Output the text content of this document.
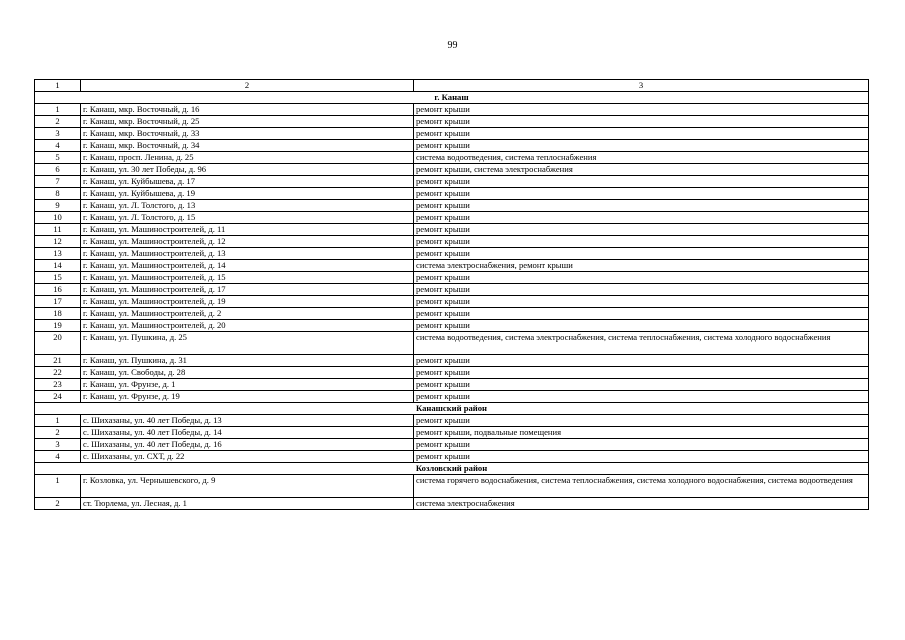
99
1	2	3
г. Канаш		
1	г. Канаш, мкр. Восточный, д. 16	ремонт крыши
2	г. Канаш, мкр. Восточный, д. 25	ремонт крыши
3	г. Канаш, мкр. Восточный, д. 33	ремонт крыши
4	г. Канаш, мкр. Восточный, д. 34	ремонт крыши
5	г. Канаш, просп. Ленина, д. 25	система водоотведения, система теплоснабжения
6	г. Канаш, ул. 30 лет Победы, д. 96	ремонт крыши, система электроснабжения
7	г. Канаш, ул. Куйбышева, д. 17	ремонт крыши
8	г. Канаш, ул. Куйбышева, д. 19	ремонт крыши
9	г. Канаш, ул. Л. Толстого, д. 13	ремонт крыши
10	г. Канаш, ул. Л. Толстого, д. 15	ремонт крыши
11	г. Канаш, ул. Машиностроителей, д. 11	ремонт крыши
12	г. Канаш, ул. Машиностроителей, д. 12	ремонт крыши
13	г. Канаш, ул. Машиностроителей, д. 13	ремонт крыши
14	г. Канаш, ул. Машиностроителей, д. 14	система электроснабжения, ремонт крыши
15	г. Канаш, ул. Машиностроителей, д. 15	ремонт крыши
16	г. Канаш, ул. Машиностроителей, д. 17	ремонт крыши
17	г. Канаш, ул. Машиностроителей, д. 19	ремонт крыши
18	г. Канаш, ул. Машиностроителей, д. 2	ремонт крыши
19	г. Канаш, ул. Машиностроителей, д. 20	ремонт крыши
20	г. Канаш, ул. Пушкина, д. 25	система водоотведения, система электроснабжения, система теплоснабжения, система холодного водоснабжения
21	г. Канаш, ул. Пушкина, д. 31	ремонт крыши
22	г. Канаш, ул. Свободы, д. 28	ремонт крыши
23	г. Канаш, ул. Фрунзе, д. 1	ремонт крыши
24	г. Канаш, ул. Фрунзе, д. 19	ремонт крыши
Канашский район		
1	с. Шихазаны, ул. 40 лет Победы, д. 13	ремонт крыши
2	с. Шихазаны, ул. 40 лет Победы, д. 14	ремонт крыши, подвальные помещения
3	с. Шихазаны, ул. 40 лет Победы, д. 16	ремонт крыши
4	с. Шихазаны, ул. СХТ, д. 22	ремонт крыши
Козловский район		
1	г. Козловка, ул. Чернышевского, д. 9	система горячего водоснабжения, система теплоснабжения, система холодного водоснабжения, система водоотведения
2	ст. Тюрлема, ул. Лесная, д. 1	система электроснабжения
